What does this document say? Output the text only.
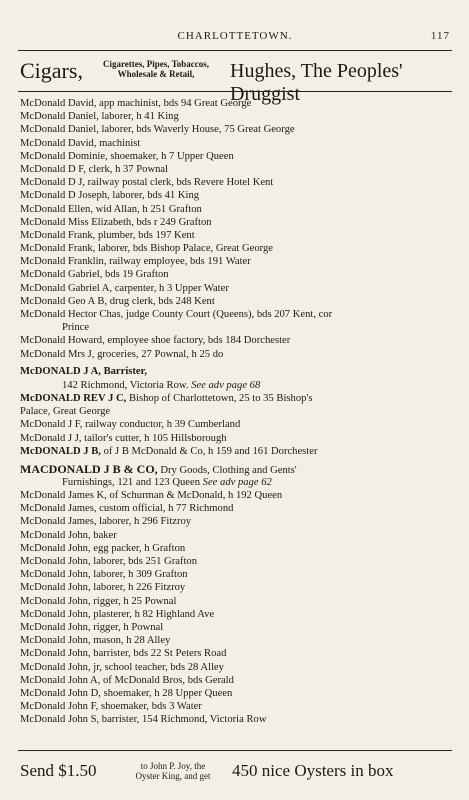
CHARLOTTETOWN.	117
Cigars,	Cigarettes, Pipes, Tobaccos,
Wholesale & Retail,	Hughes, The Peoples' Druggist
McDonald David, app machinist, bds 94 Great George
McDonald Daniel, laborer, h 41 King
McDonald Daniel, laborer, bds Waverly House, 75 Great George
McDonald David, machinist
McDonald Dominie, shoemaker, h 7 Upper Queen
McDonald D F, clerk, h 37 Pownal
McDonald D J, railway postal clerk, bds Revere Hotel Kent
McDonald D Joseph, laborer, bds 41 King
McDonald Ellen, wid Allan, h 251 Grafton
McDonald Miss Elizabeth, bds r 249 Grafton
McDonald Frank, plumber, bds 197 Kent
McDonald Frank, laborer, bds Bishop Palace, Great George
McDonald Franklin, railway employee, bds 191 Water
McDonald Gabriel, bds 19 Grafton
McDonald Gabriel A, carpenter, h 3 Upper Water
McDonald Geo A B, drug clerk, bds 248 Kent
McDonald Hector Chas, judge County Court (Queens), bds 207 Kent, cor
Prince
McDonald Howard, employee shoe factory, bds 184 Dorchester
McDonald Mrs J, groceries, 27 Pownal, h 25 do
McDONALD J A, Barrister,
142 Richmond, Victoria Row. See adv page 68
McDONALD REV J C, Bishop of Charlottetown, 25 to 35 Bishop's
Palace, Great George
McDonald J F, railway conductor, h 39 Cumberland
McDonald J J, tailor's cutter, h 105 Hillsborough
McDONALD J B, of J B McDonald & Co, h 159 and 161 Dorchester
MACDONALD J B & CO, Dry Goods, Clothing and Gents'
Furnishings, 121 and 123 Queen See adv page 62
McDonald James K, of Schurman & McDonald, h 192 Queen
McDonald James, custom official, h 77 Richmond
McDonald James, laborer, h 296 Fitzroy
McDonald John, baker
McDonald John, egg packer, h Grafton
McDonald John, laborer, bds 251 Grafton
McDonald John, laborer, h 309 Grafton
McDonald John, laborer, h 226 Fitzroy
McDonald John, rigger, h 25 Pownal
McDonald John, plasterer, h 82 Highland Ave
McDonald John, rigger, h Pownal
McDonald John, mason, h 28 Alley
McDonald John, barrister, bds 22 St Peters Road
McDonald John, jr, school teacher, bds 28 Alley
McDonald John A, of McDonald Bros, bds Gerald
McDonald John D, shoemaker, h 28 Upper Queen
McDonald John F, shoemaker, bds 3 Water
McDonald John S, barrister, 154 Richmond, Victoria Row
Send $1.50	to John P. Joy, the
Oyster King, and get	450 nice Oysters in box
